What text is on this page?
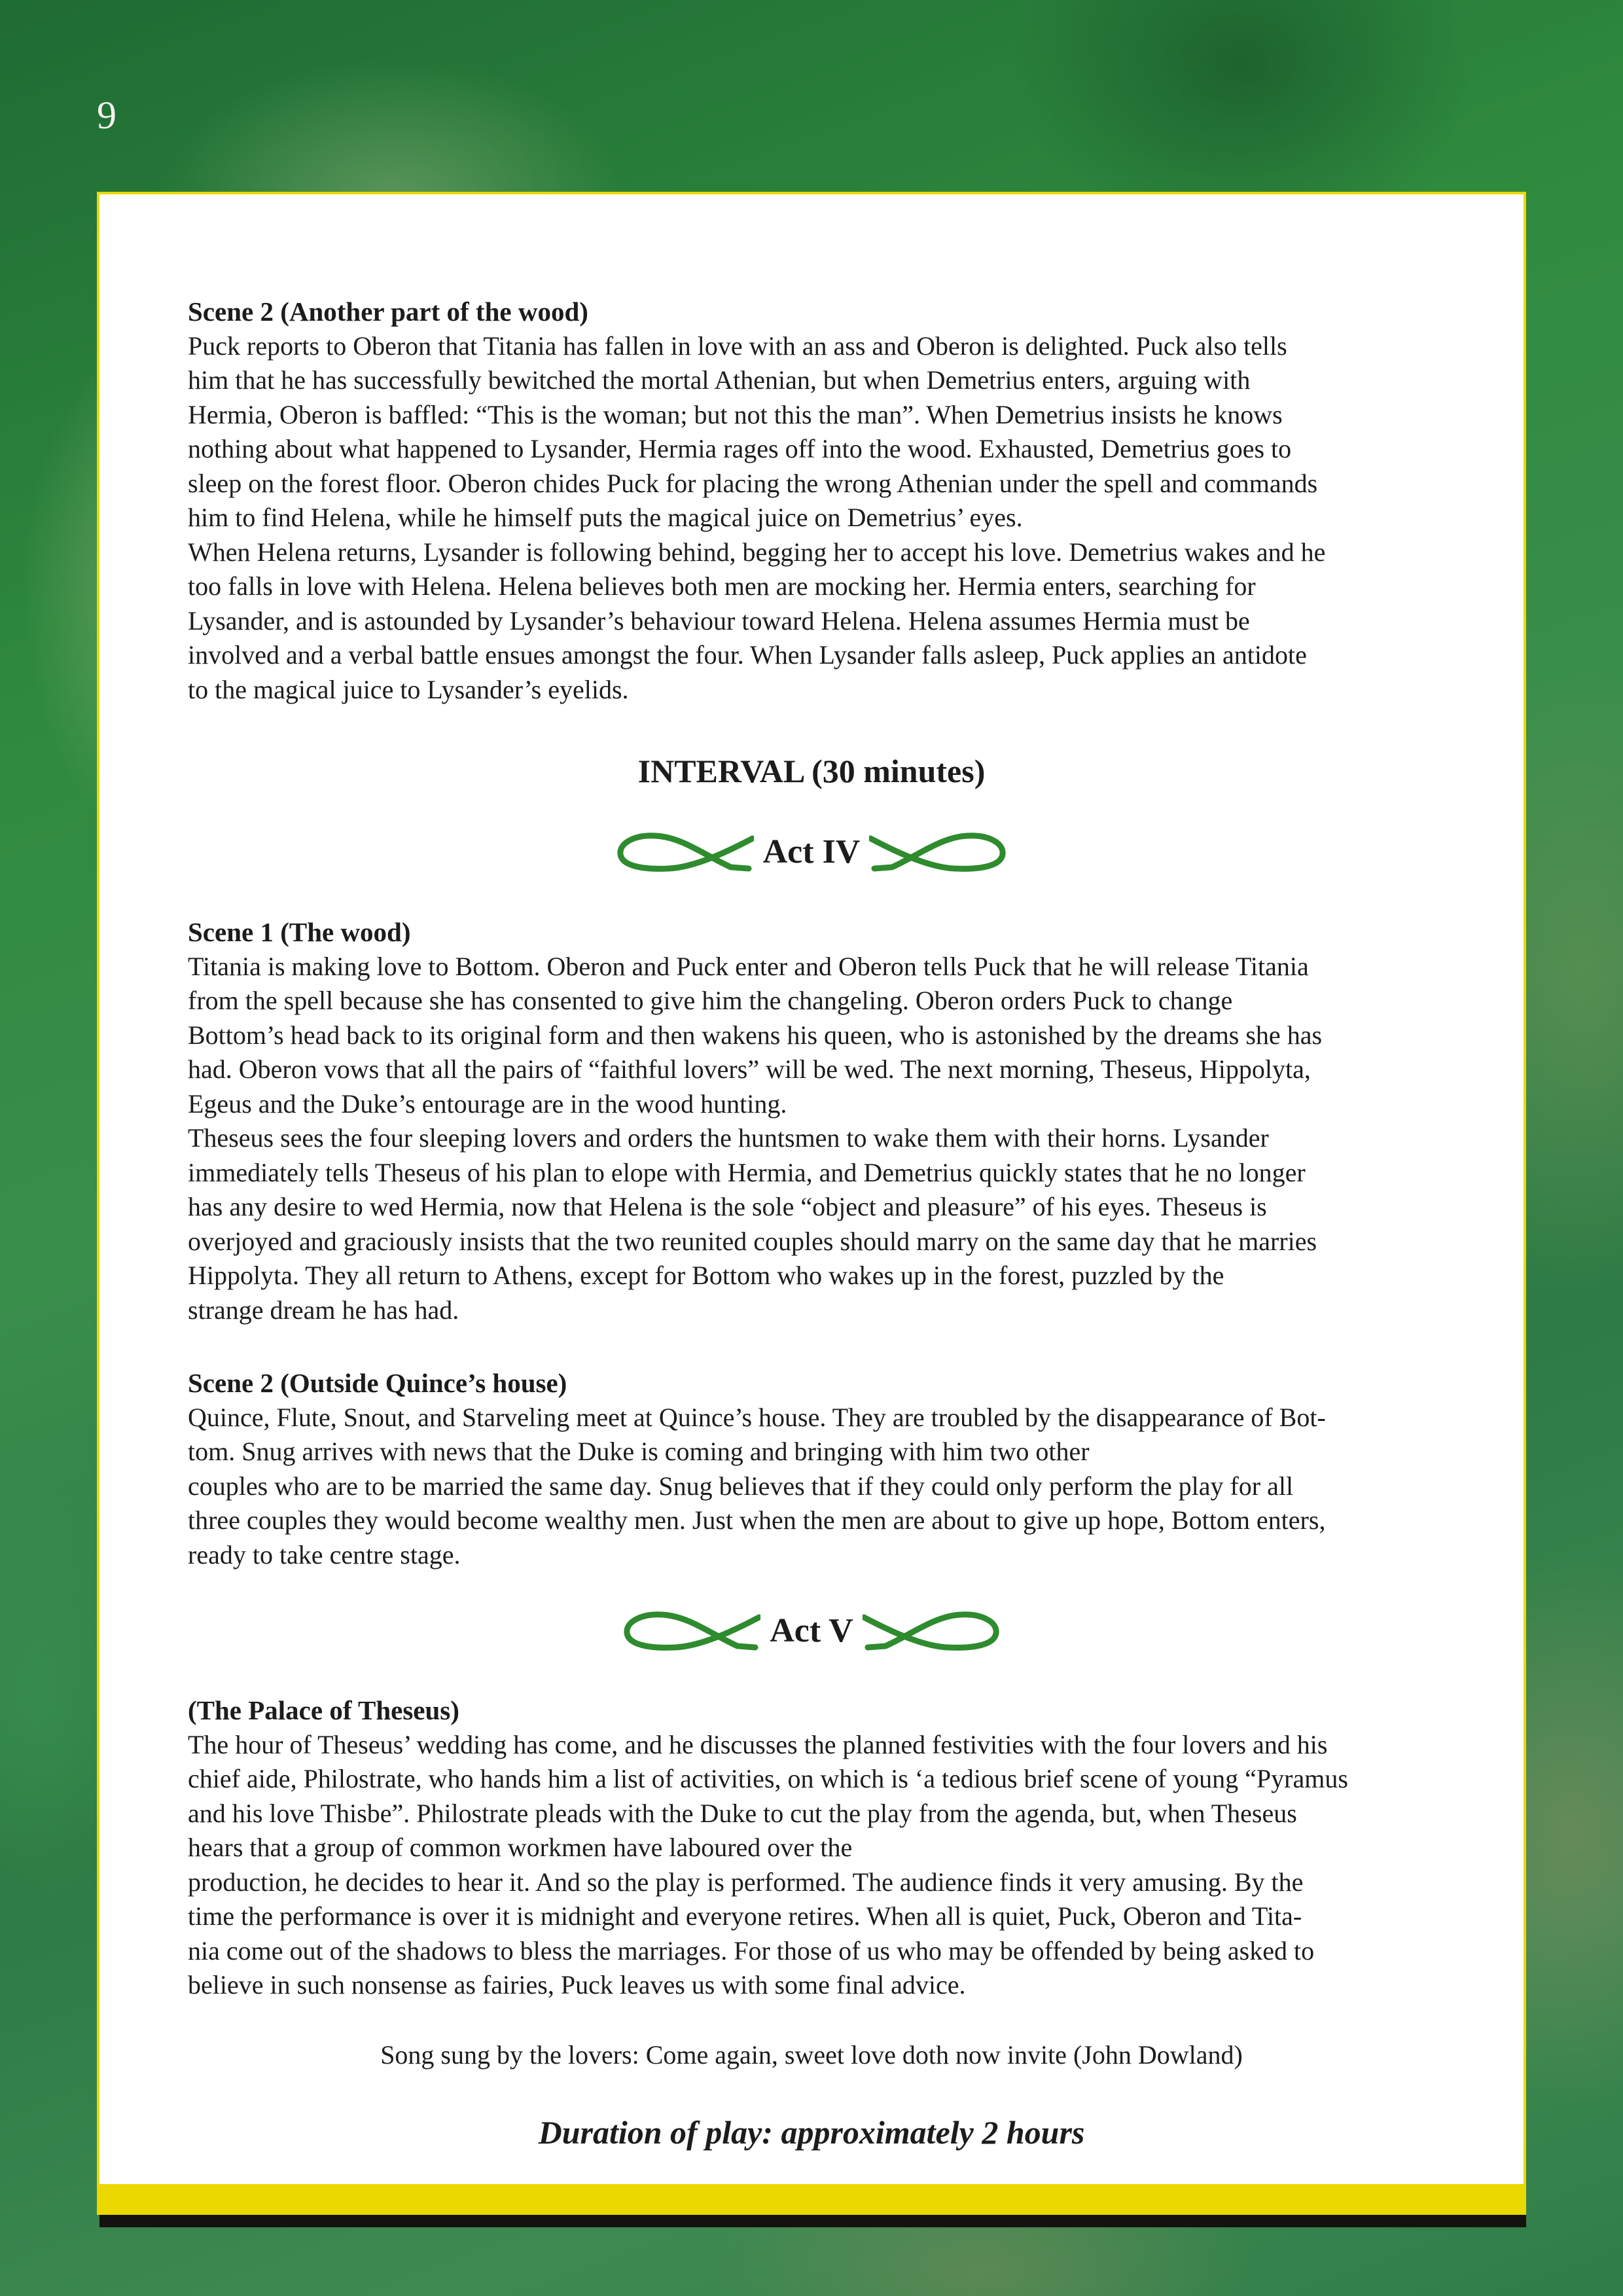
9
Scene 2 (Another part of the wood)
Puck reports to Oberon that Titania has fallen in love with an ass and Oberon is delighted. Puck also tells
him that he has successfully bewitched the mortal Athenian, but when Demetrius enters, arguing with
Hermia, Oberon is baffled: “This is the woman; but not this the man”. When Demetrius insists he knows
nothing about what happened to Lysander, Hermia rages off into the wood. Exhausted, Demetrius goes to
sleep on the forest floor. Oberon chides Puck for placing the wrong Athenian under the spell and commands
him to find Helena, while he himself puts the magical juice on Demetrius’ eyes.
When Helena returns, Lysander is following behind, begging her to accept his love. Demetrius wakes and he
too falls in love with Helena. Helena believes both men are mocking her. Hermia enters, searching for
Lysander, and is astounded by Lysander’s behaviour toward Helena. Helena assumes Hermia must be
involved and a verbal battle ensues amongst the four. When Lysander falls asleep, Puck applies an antidote
to the magical juice to Lysander’s eyelids.
INTERVAL (30 minutes)
Act IV
Scene 1 (The wood)
Titania is making love to Bottom. Oberon and Puck enter and Oberon tells Puck that he will release Titania
from the spell because she has consented to give him the changeling. Oberon orders Puck to change
Bottom’s head back to its original form and then wakens his queen, who is astonished by the dreams she has
had. Oberon vows that all the pairs of “faithful lovers” will be wed. The next morning, Theseus, Hippolyta,
Egeus and the Duke’s entourage are in the wood hunting.
Theseus sees the four sleeping lovers and orders the huntsmen to wake them with their horns. Lysander
immediately tells Theseus of his plan to elope with Hermia, and Demetrius quickly states that he no longer
has any desire to wed Hermia, now that Helena is the sole “object and pleasure” of his eyes. Theseus is
overjoyed and graciously insists that the two reunited couples should marry on the same day that he marries
Hippolyta. They all return to Athens, except for Bottom who wakes up in the forest, puzzled by the
strange dream he has had.
Scene 2 (Outside Quince’s house)
Quince, Flute, Snout, and Starveling meet at Quince’s house. They are troubled by the disappearance of Bot-
tom. Snug arrives with news that the Duke is coming and bringing with him two other
couples who are to be married the same day. Snug believes that if they could only perform the play for all
three couples they would become wealthy men. Just when the men are about to give up hope, Bottom enters,
ready to take centre stage.
Act V
(The Palace of Theseus)
The hour of Theseus’ wedding has come, and he discusses the planned festivities with the four lovers and his
chief aide, Philostrate, who hands him a list of activities, on which is ‘a tedious brief scene of young “Pyramus
and his love Thisbe”. Philostrate pleads with the Duke to cut the play from the agenda, but, when Theseus
hears that a group of common workmen have laboured over the
production, he decides to hear it. And so the play is performed. The audience finds it very amusing. By the
time the performance is over it is midnight and everyone retires. When all is quiet, Puck, Oberon and Tita-
nia come out of the shadows to bless the marriages. For those of us who may be offended by being asked to
believe in such nonsense as fairies, Puck leaves us with some final advice.
Song sung by the lovers: Come again, sweet love doth now invite (John Dowland)
Duration of play: approximately 2 hours
